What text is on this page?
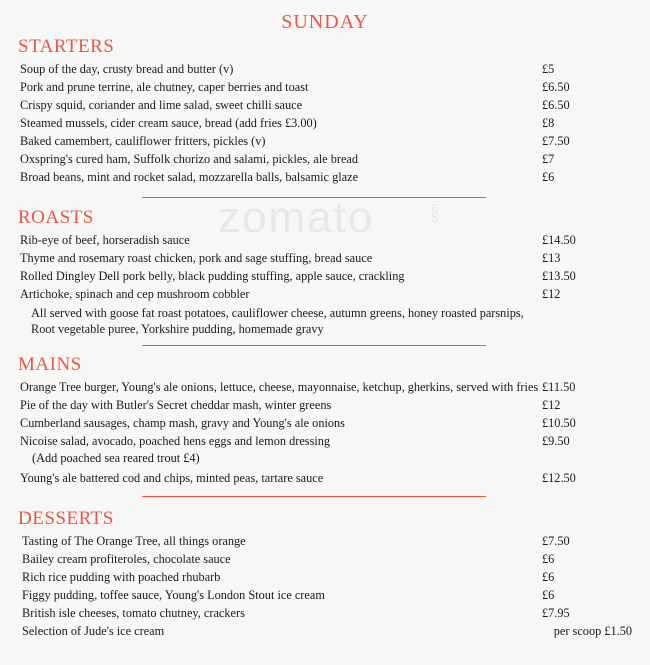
zomato	.com
SUNDAY
STARTERS
Soup of the day, crusty bread and butter (v)	£5
Pork and prune terrine, ale chutney, caper berries and toast	£6.50
Crispy squid, coriander and lime salad, sweet chilli sauce	£6.50
Steamed mussels, cider cream sauce, bread (add fries £3.00)	£8
Baked camembert, cauliflower fritters, pickles (v)	£7.50
Oxspring's cured ham, Suffolk chorizo and salami, pickles, ale bread	£7
Broad beans, mint and rocket salad, mozzarella balls, balsamic glaze	£6
ROASTS
Rib-eye of beef, horseradish sauce	£14.50
Thyme and rosemary roast chicken, pork and sage stuffing, bread sauce	£13
Rolled Dingley Dell pork belly, black pudding stuffing, apple sauce, crackling	£13.50
Artichoke, spinach and cep mushroom cobbler	£12
All served with goose fat roast potatoes, cauliflower cheese, autumn greens, honey roasted parsnips,
Root vegetable puree, Yorkshire pudding, homemade gravy
MAINS
Orange Tree burger, Young's ale onions, lettuce, cheese, mayonnaise, ketchup, gherkins, served with fries £11.50
Pie of the day with Butler's Secret cheddar mash, winter greens	£12
Cumberland sausages, champ mash, gravy and Young's ale onions	£10.50
Nicoise salad, avocado, poached hens eggs and lemon dressing	£9.50
(Add poached sea reared trout £4)
Young's ale battered cod and chips, minted peas, tartare sauce	£12.50
DESSERTS
Tasting of The Orange Tree, all things orange	£7.50
Bailey cream profiteroles, chocolate sauce	£6
Rich rice pudding with poached rhubarb	£6
Figgy pudding, toffee sauce, Young's London Stout ice cream	£6
British isle cheeses, tomato chutney, crackers	£7.95
Selection of Jude's ice cream	per scoop £1.50
